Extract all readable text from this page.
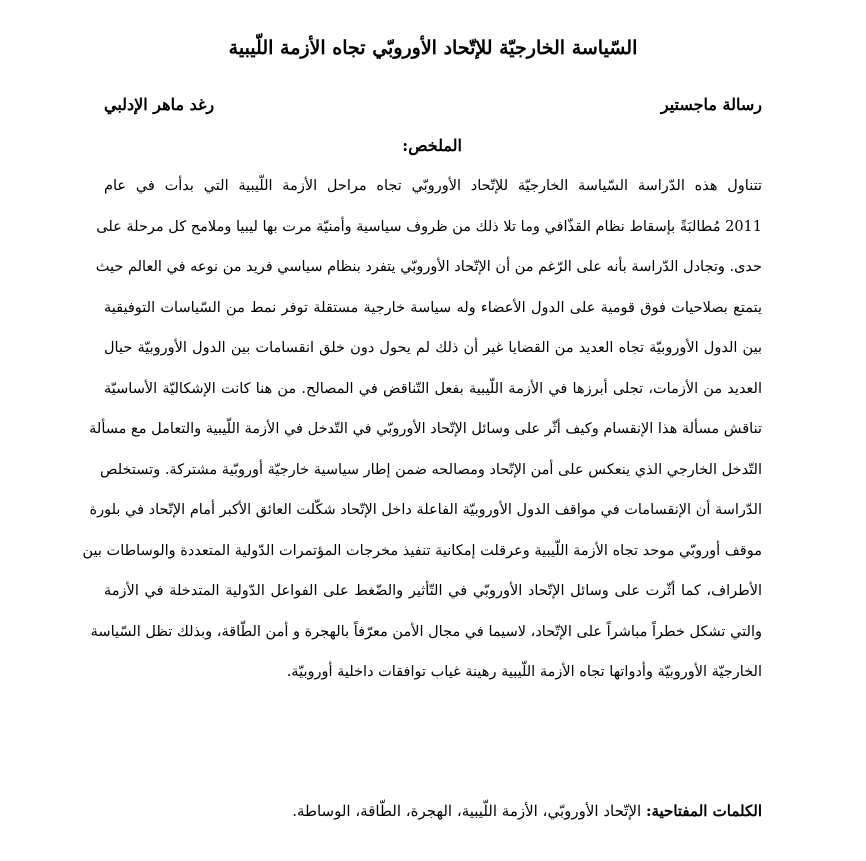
السّياسة الخارجيّة للإتّحاد الأوروبّي تجاه الأزمة اللّيبية
رسالة ماجستير
رغد ماهر الإدلبي
الملخص:
تتناول هذه الدّراسة السّياسة الخارجيّة للإتّحاد الأوروبّي تجاه مراحل الأزمة اللّيبية التي بدأت في عام
2011 مُطالبَةً بإسقاط نظام القذّافي وما تلا ذلك من ظروف سياسية وأمنيّة مرت بها ليبيا وملامح كل مرحلة على
حدى. وتجادل الدّراسة بأنه على الرّغم من أن الإتّحاد الأوروبّي يتفرد بنظام سياسي فريد من نوعه في العالم حيث
يتمتع بصلاحيات فوق قومية على الدول الأعضاء وله سياسة خارجية مستقلة توفر نمط من السّياسات التوفيقية
بين الدول الأوروبيّة تجاه العديد من القضايا غير أن ذلك لم يحول دون خلق انقسامات بين الدول الأوروبيّة حيال
العديد من الأزمات، تجلى أبرزها في الأزمة اللّيبية بفعل التّناقض في المصالح. من هنا كانت الإشكاليّة الأساسيّة
تناقش مسألة هذا الإنقسام وكيف أثّر على وسائل الإتّحاد الأوروبّي في التّدخل في الأزمة اللّيبية والتعامل مع مسألة
التّدخل الخارجي الذي ينعكس على أمن الإتّحاد ومصالحه ضمن إطار سياسية خارجيّة أوروبّية مشتركة. وتستخلص
الدّراسة أن الإنقسامات في مواقف الدول الأوروبيّة الفاعلة داخل الإتّحاد شكّلت العائق الأكبر أمام الإتّحاد في بلورة
موقف أوروبّي موحد تجاه الأزمة اللّيبية وعرقلت إمكانية تنفيذ مخرجات المؤتمرات الدّولية المتعددة والوساطات بين
الأطراف، كما أثّرت على وسائل الإتّحاد الأوروبّي في التّأثير والضّغط على الفواعل الدّولية المتدخلة في الأزمة
والتي تشكل خطراً مباشراً على الإتّحاد، لاسيما في مجال الأمن معرّفاً بالهجرة و أمن الطّاقة، وبذلك تظل السّياسة
الخارجيّة الأوروبيّة وأدواتها تجاه الأزمة اللّيبية رهينة غياب توافقات داخلية أوروبيّة.
الكلمات المفتاحية: الإتّحاد الأوروبّي، الأزمة اللّيبية، الهجرة، الطّاقة، الوساطة.
